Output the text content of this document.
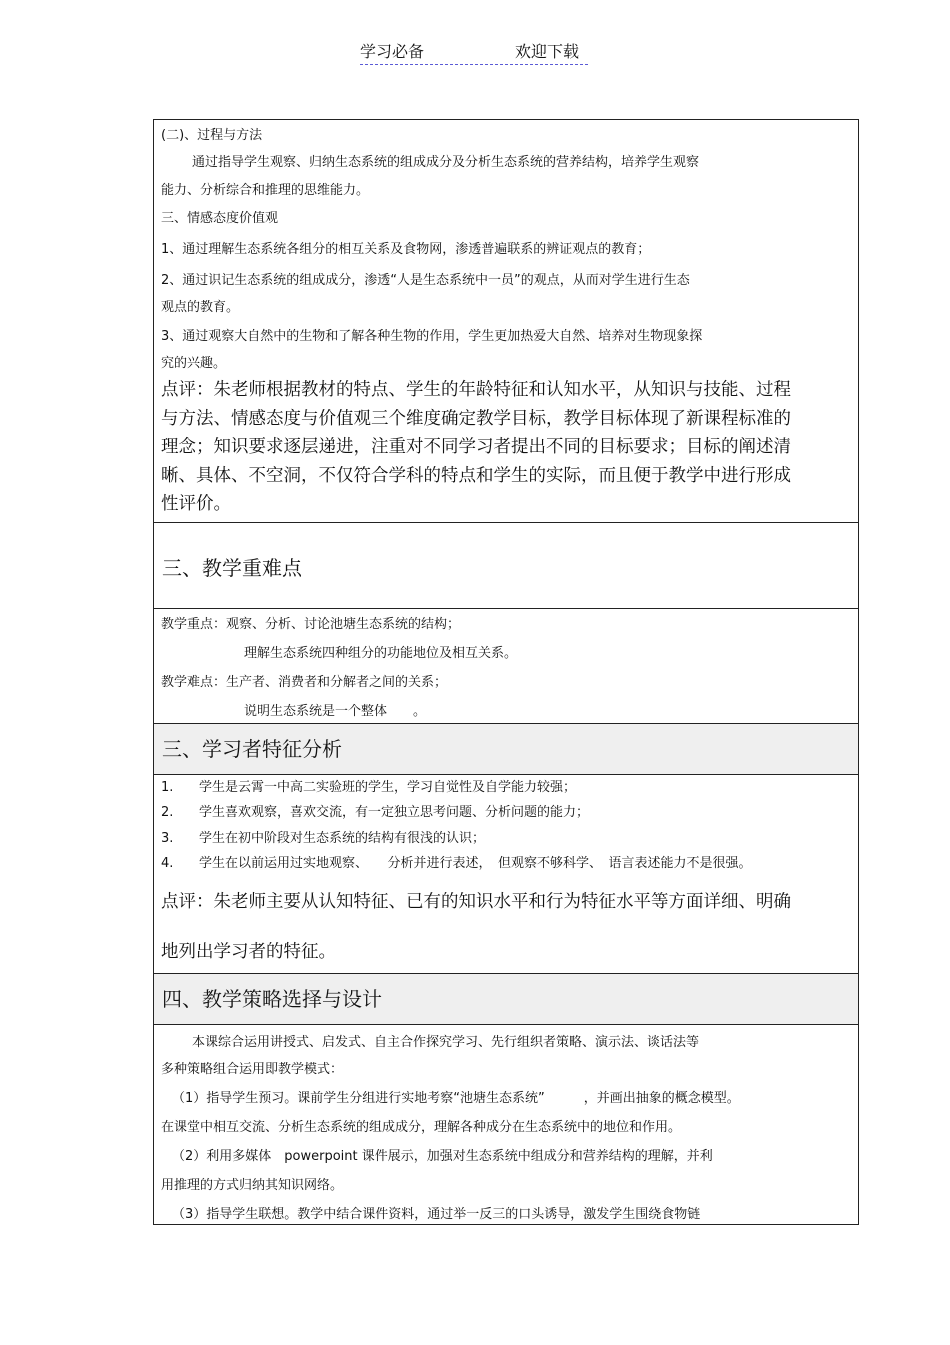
学习必备	欢迎下载

(二)、过程与方法

通过指导学生观察、归纳生态系统的组成成分及分析生态系统的营养结构，培养学生观察

能力、分析综合和推理的思维能力。

三、情感态度价值观

1、通过理解生态系统各组分的相互关系及食物网，渗透普遍联系的辨证观点的教育；

2、通过识记生态系统的组成成分，渗透“人是生态系统中一员”的观点，从而对学生进行生态

观点的教育。

3、通过观察大自然中的生物和了解各种生物的作用，学生更加热爱大自然、培养对生物现象探

究的兴趣。

点评：朱老师根据教材的特点、学生的年龄特征和认知水平，从知识与技能、过程

与方法、情感态度与价值观三个维度确定教学目标，教学目标体现了新课程标准的

理念；知识要求逐层递进，注重对不同学习者提出不同的目标要求；目标的阐述清

晰、具体、不空洞，不仅符合学科的特点和学生的实际，而且便于教学中进行形成

性评价。

三、教学重难点

教学重点：观察、分析、讨论池塘生态系统的结构；

理解生态系统四种组分的功能地位及相互关系。

教学难点：生产者、消费者和分解者之间的关系；

说明生态系统是一个整体　　。

三、学习者特征分析

1. 学生是云霄一中高二实验班的学生，学习自觉性及自学能力较强；

2. 学生喜欢观察，喜欢交流，有一定独立思考问题、分析问题的能力；

3. 学生在初中阶段对生态系统的结构有很浅的认识；

4. 学生在以前运用过实地观察、　　分析并进行表述，　但观察不够科学、　语言表述能力不是很强。

点评：朱老师主要从认知特征、已有的知识水平和行为特征水平等方面详细、明确

地列出学习者的特征。

四、教学策略选择与设计

本课综合运用讲授式、启发式、自主合作探究学习、先行组织者策略、演示法、谈话法等

多种策略组合运用即教学模式：

（1）指导学生预习。课前学生分组进行实地考察“池塘生态系统”　　　，并画出抽象的概念模型。

在课堂中相互交流、分析生态系统的组成成分，理解各种成分在生态系统中的地位和作用。

（2）利用多媒体　powerpoint 课件展示，加强对生态系统中组成分和营养结构的理解，并利

用推理的方式归纳其知识网络。

（3）指导学生联想。教学中结合课件资料，通过举一反三的口头诱导，激发学生围绕食物链
